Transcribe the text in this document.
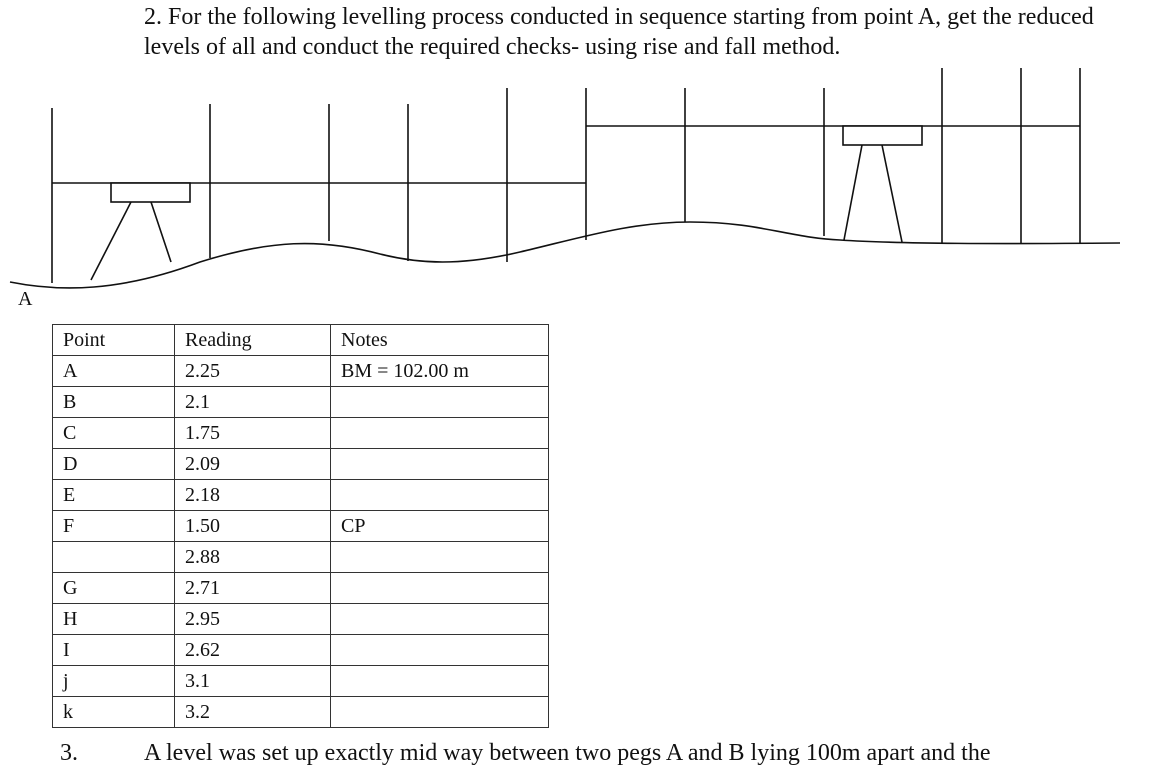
2. For the following levelling process conducted in sequence starting from point A, get the reduced levels of all and conduct the required checks- using rise and fall method.

A
Point	Reading	Notes
A	2.25	BM = 102.00 m
B	2.1	
C	1.75	
D	2.09	
E	2.18	
F	1.50	CP
	2.88	
G	2.71	
H	2.95	
I	2.62	
j	3.1	
k	3.2	
3.	A level was set up exactly mid way between two pegs A and B lying 100m apart and the
